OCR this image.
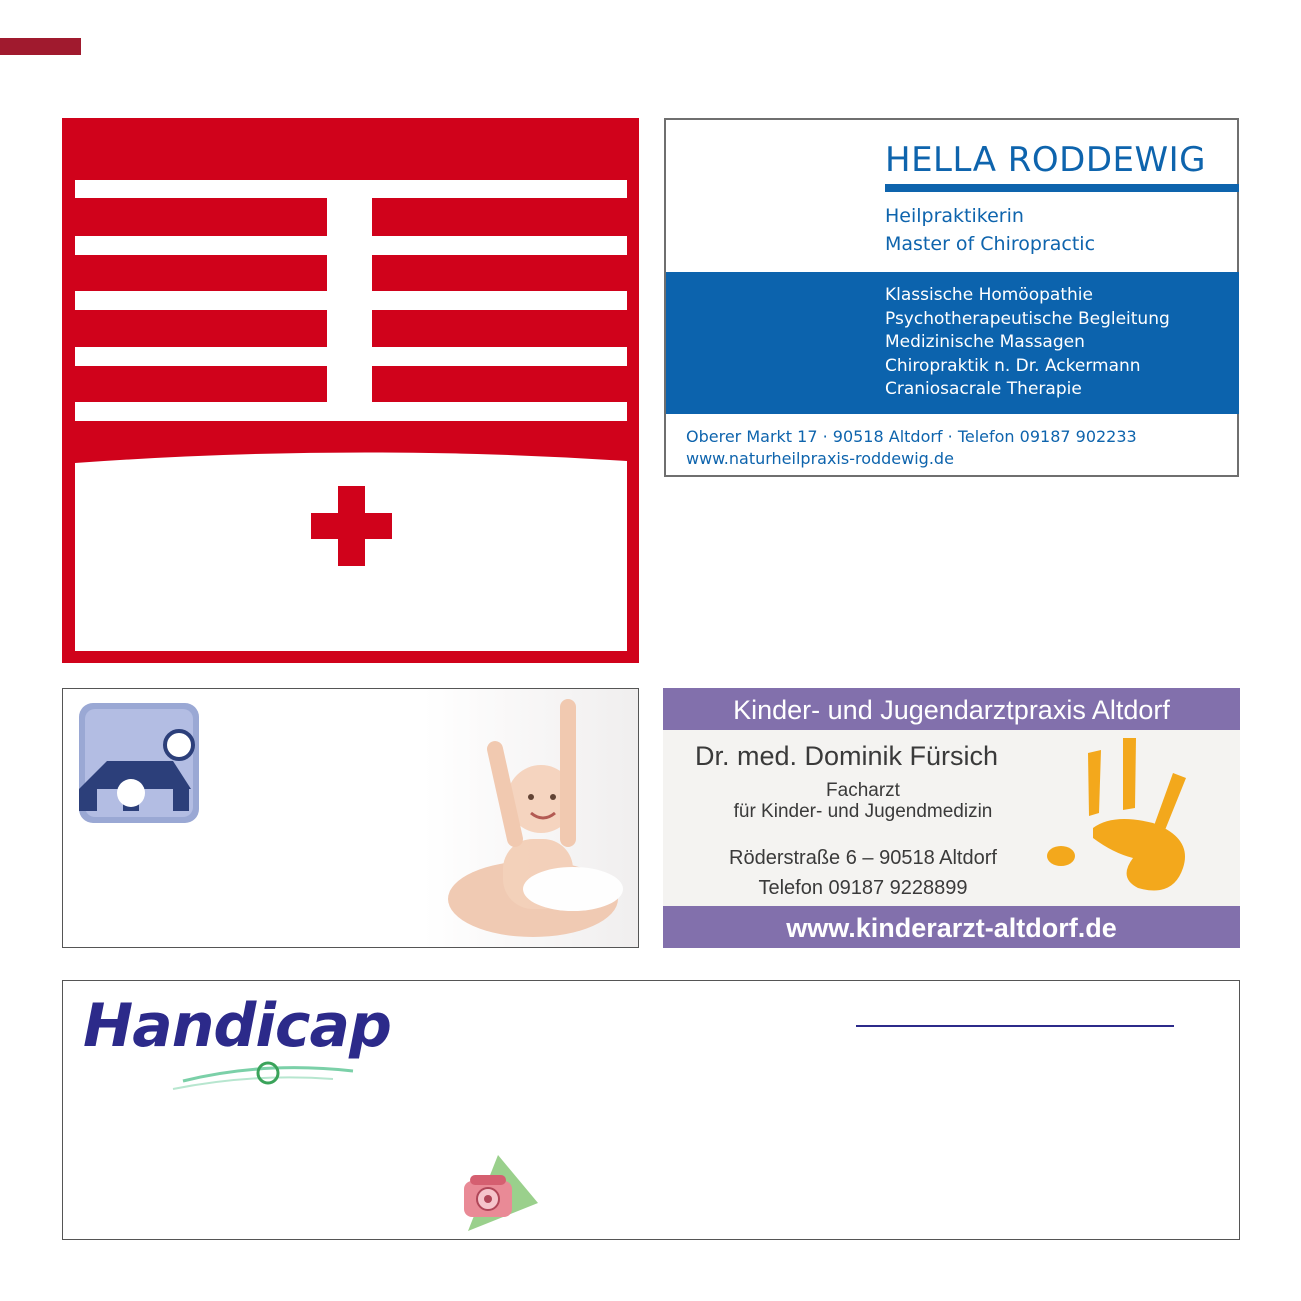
HELLA RODDEWIG
Heilpraktikerin
Master of Chiropractic
Klassische Homöopathie
Psychotherapeutische Begleitung
Medizinische Massagen
Chiropraktik n. Dr. Ackermann
Craniosacrale Therapie
Oberer Markt 17 · 90518 Altdorf · Telefon 09187 902233
www.naturheilpraxis-roddewig.de
Kinder- und Jugendarztpraxis Altdorf
Dr. med. Dominik Fürsich
Facharzt
für Kinder- und Jugendmedizin
Röderstraße 6 – 90518 Altdorf
Telefon 09187 9228899
www.kinderarzt-altdorf.de
Handicap
